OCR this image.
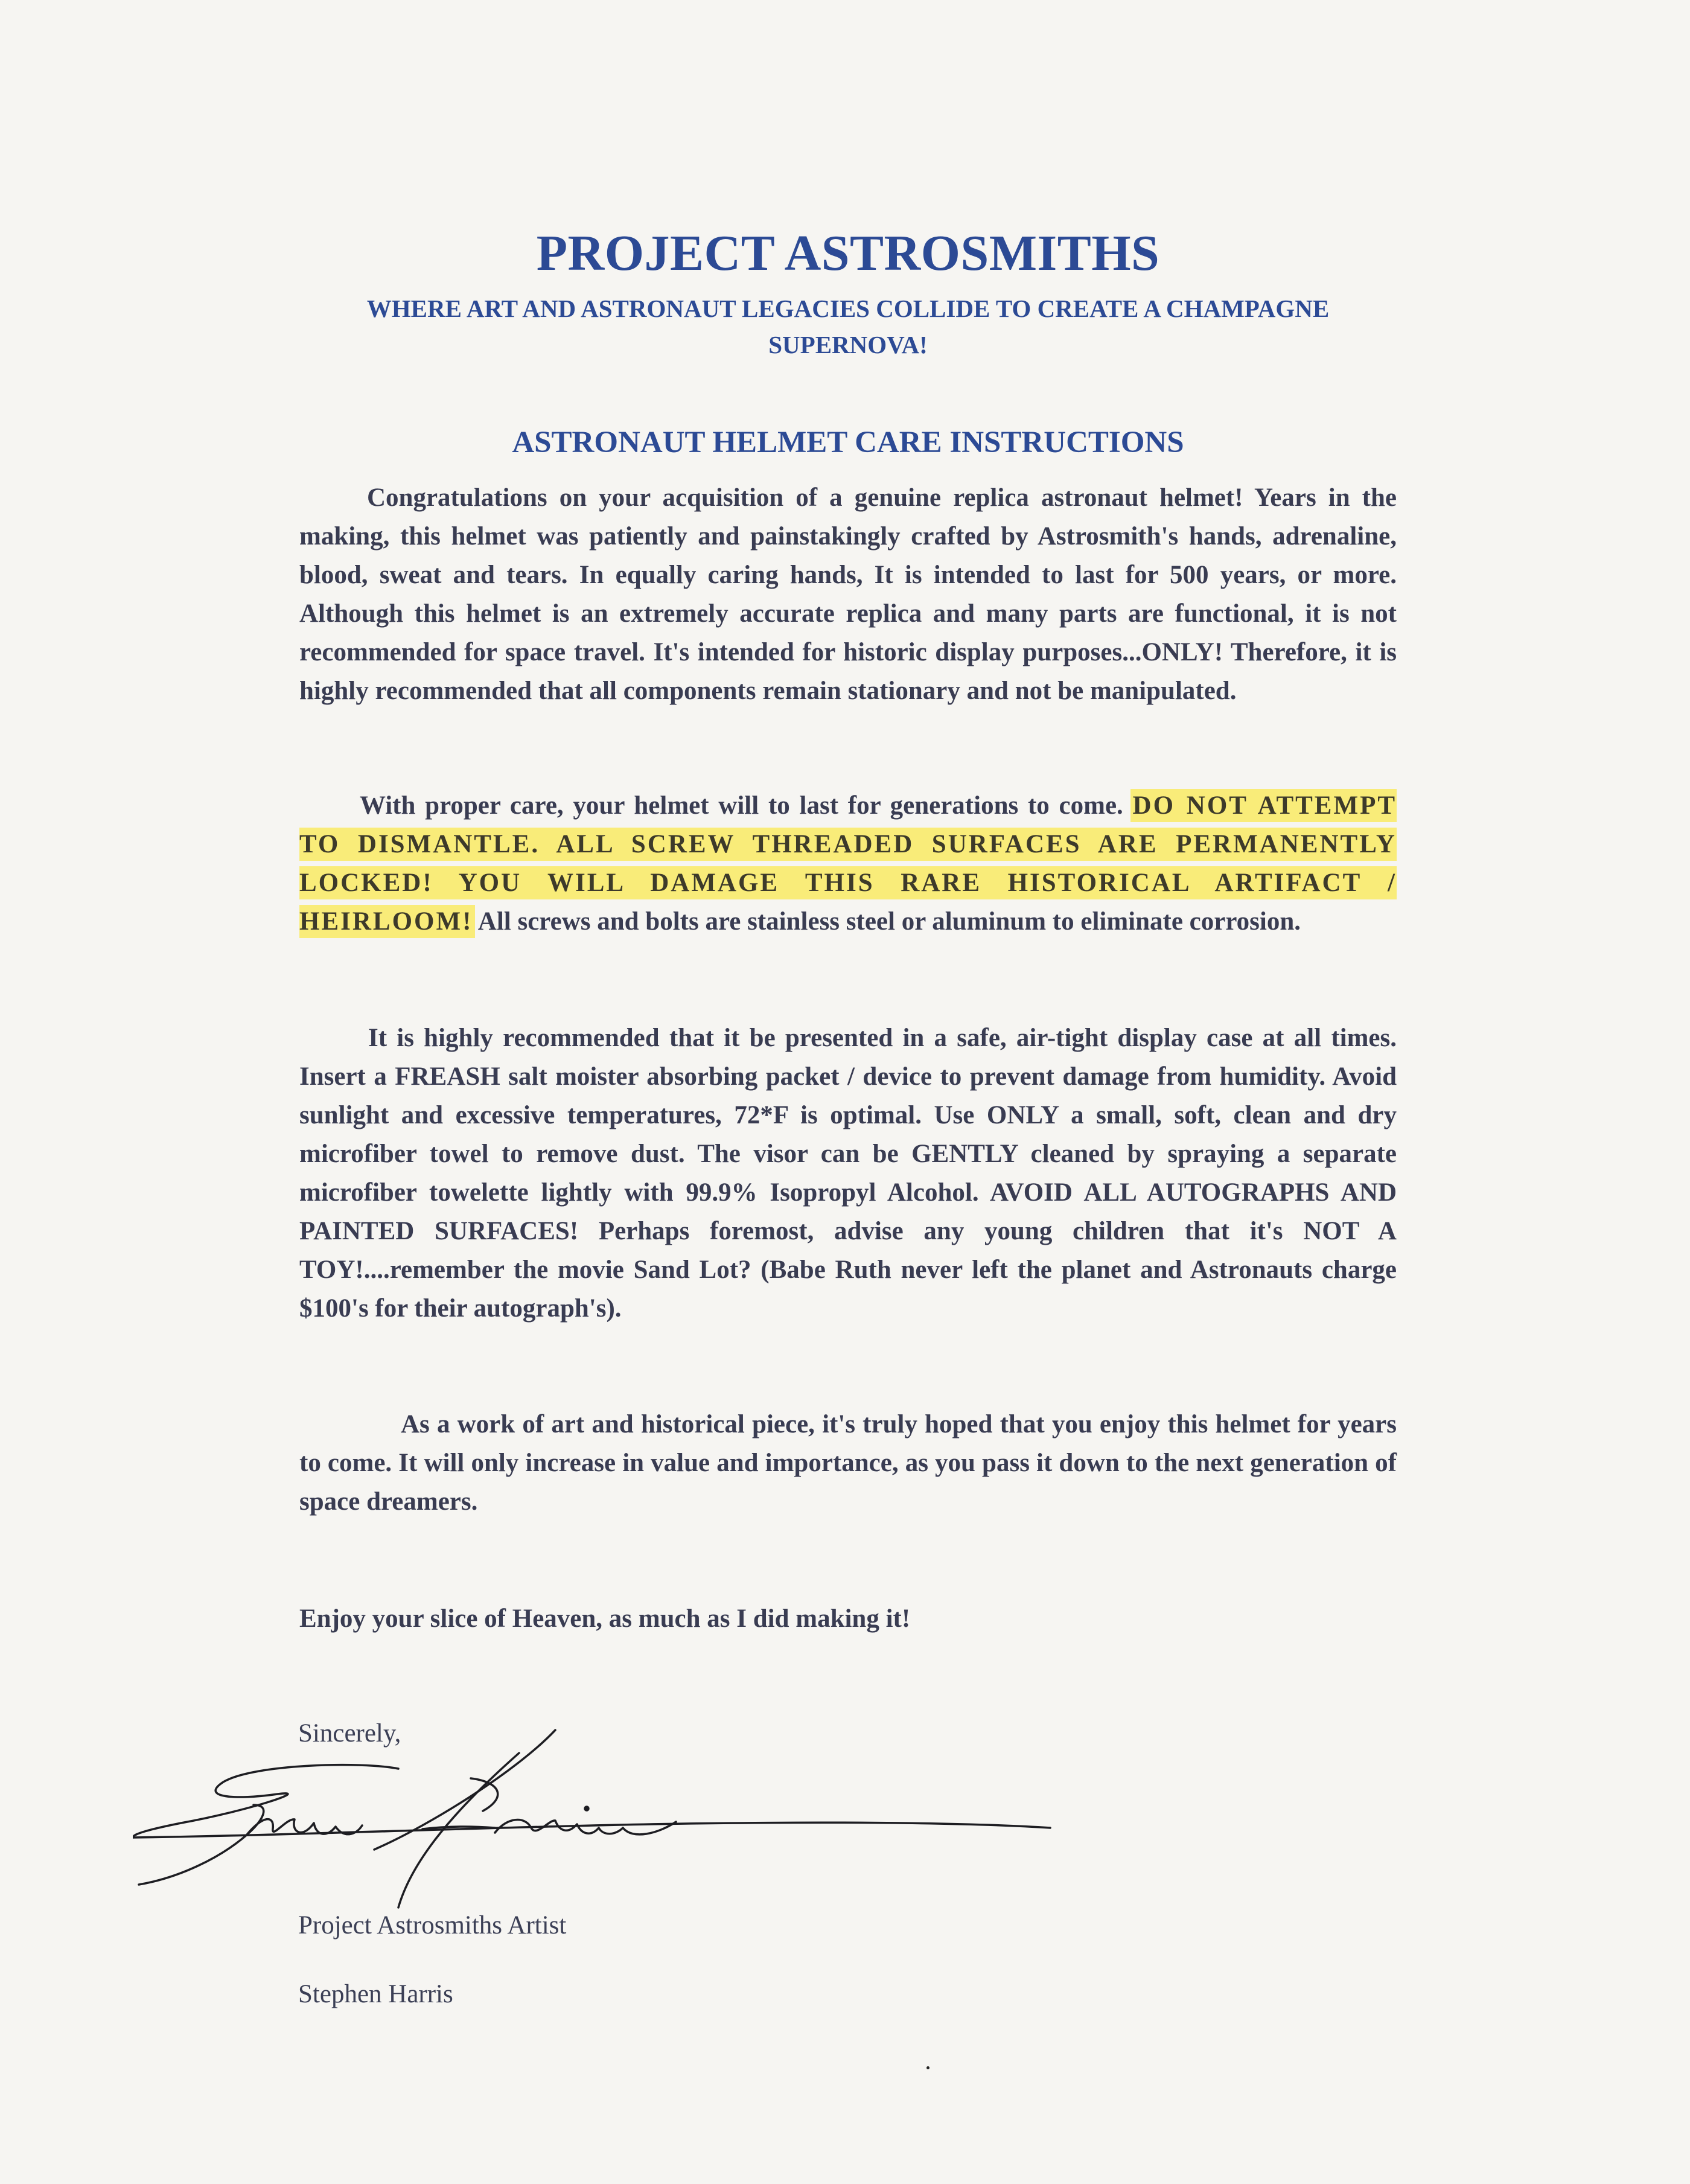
PROJECT ASTROSMITHS
WHERE ART AND ASTRONAUT LEGACIES COLLIDE TO CREATE A CHAMPAGNE SUPERNOVA!
ASTRONAUT HELMET CARE INSTRUCTIONS

Congratulations on your acquisition of a genuine replica astronaut helmet! Years in the making, this helmet was patiently and painstakingly crafted by Astrosmith's hands, adrenaline, blood, sweat and tears. In equally caring hands, It is intended to last for 500 years, or more. Although this helmet is an extremely accurate replica and many parts are functional, it is not recommended for space travel. It's intended for historic display purposes...ONLY! Therefore, it is highly recommended that all components remain stationary and not be manipulated.

With proper care, your helmet will to last for generations to come. DO NOT ATTEMPT TO DISMANTLE. ALL SCREW THREADED SURFACES ARE PERMANENTLY LOCKED! YOU WILL DAMAGE THIS RARE HISTORICAL ARTIFACT / HEIRLOOM! All screws and bolts are stainless steel or aluminum to eliminate corrosion.

It is highly recommended that it be presented in a safe, air-tight display case at all times. Insert a FREASH salt moister absorbing packet / device to prevent damage from humidity. Avoid sunlight and excessive temperatures, 72*F is optimal. Use ONLY a small, soft, clean and dry microfiber towel to remove dust. The visor can be GENTLY cleaned by spraying a separate microfiber towelette lightly with 99.9% Isopropyl Alcohol. AVOID ALL AUTOGRAPHS AND PAINTED SURFACES! Perhaps foremost, advise any young children that it's NOT A TOY!....remember the movie Sand Lot? (Babe Ruth never left the planet and Astronauts charge $100's for their autograph's).

As a work of art and historical piece, it's truly hoped that you enjoy this helmet for years to come. It will only increase in value and importance, as you pass it down to the next generation of space dreamers.

Enjoy your slice of Heaven, as much as I did making it!

Sincerely,

Project Astrosmiths Artist

Stephen Harris
